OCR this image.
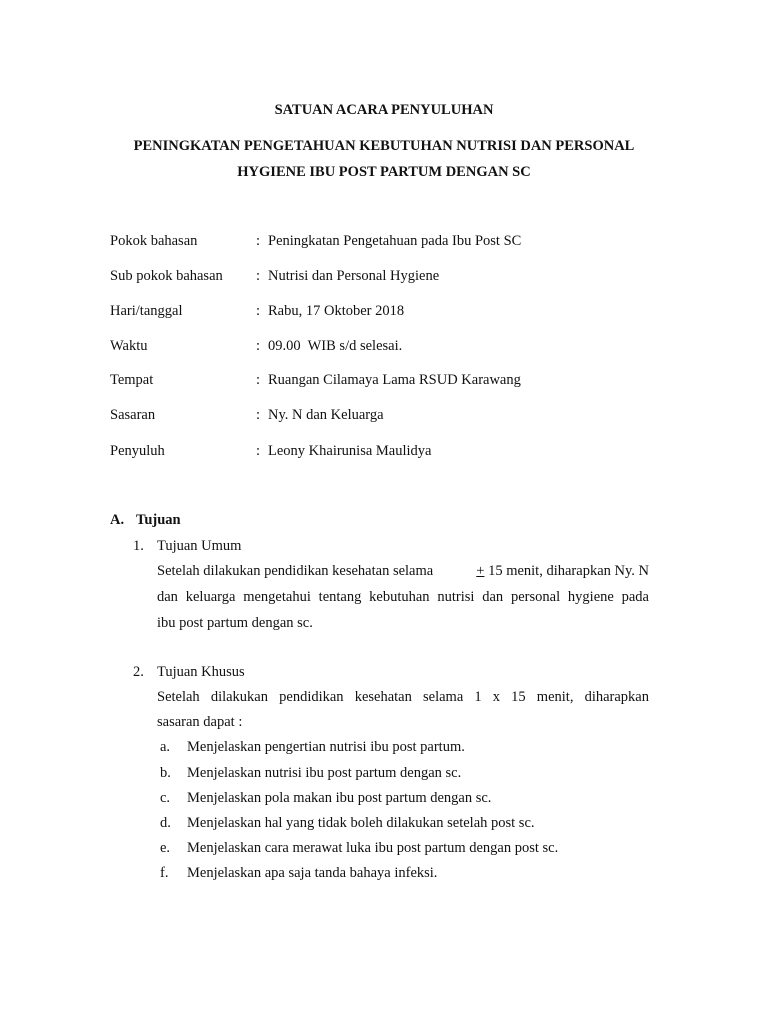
SATUAN ACARA PENYULUHAN
PENINGKATAN PENGETAHUAN KEBUTUHAN NUTRISI DAN PERSONAL
HYGIENE IBU POST PARTUM DENGAN SC
Pokok bahasan	: Peningkatan Pengetahuan pada Ibu Post SC
Sub pokok bahasan : Nutrisi dan Personal Hygiene
Hari/tanggal	: Rabu, 17 Oktober 2018
Waktu	: 09.00  WIB s/d selesai.
Tempat	: Ruangan Cilamaya Lama RSUD Karawang
Sasaran	: Ny. N dan Keluarga
Penyuluh	: Leony Khairunisa Maulidya
A. Tujuan
1. Tujuan Umum
Setelah dilakukan pendidikan kesehatan selama	+ 15 menit, diharapkan Ny. N
dan keluarga mengetahui tentang kebutuhan nutrisi dan personal hygiene pada
ibu post partum dengan sc.
2. Tujuan Khusus
Setelah dilakukan pendidikan kesehatan selama 1 x 15 menit, diharapkan
sasaran dapat :
a. Menjelaskan pengertian nutrisi ibu post partum.
b. Menjelaskan nutrisi ibu post partum dengan sc.
c. Menjelaskan pola makan ibu post partum dengan sc.
d. Menjelaskan hal yang tidak boleh dilakukan setelah post sc.
e. Menjelaskan cara merawat luka ibu post partum dengan post sc.
f. Menjelaskan apa saja tanda bahaya infeksi.
